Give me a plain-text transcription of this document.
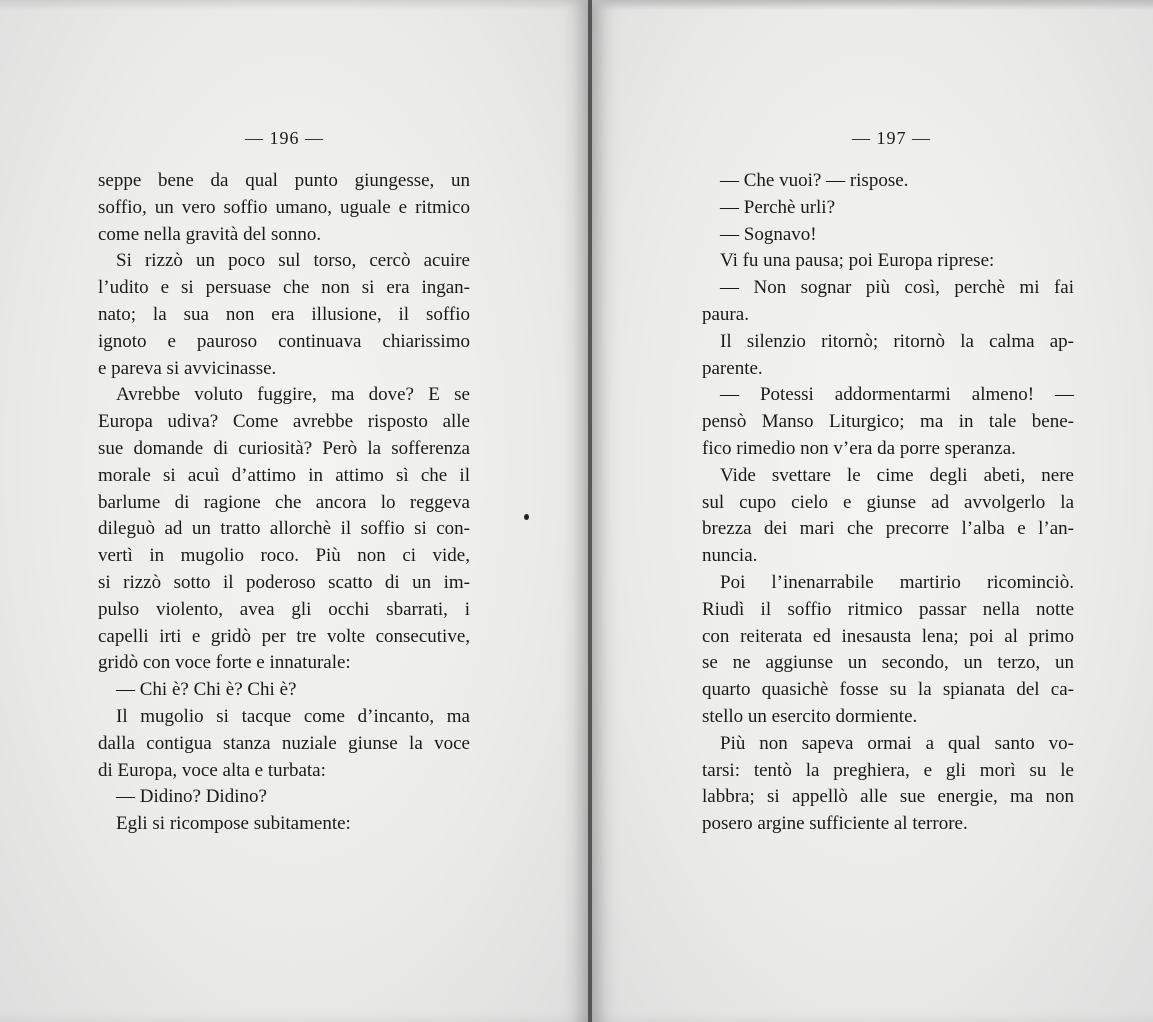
— 196 —
seppe bene da qual punto giungesse, un
soffio, un vero soffio umano, uguale e ritmico
come nella gravità del sonno.
Si rizzò un poco sul torso, cercò acuire
l’udito e si persuase che non si era ingan-
nato; la sua non era illusione, il soffio
ignoto e pauroso continuava chiarissimo
e pareva si avvicinasse.
Avrebbe voluto fuggire, ma dove? E se
Europa udiva? Come avrebbe risposto alle
sue domande di curiosità? Però la sofferenza
morale si acuì d’attimo in attimo sì che il
barlume di ragione che ancora lo reggeva
dileguò ad un tratto allorchè il soffio si con-
vertì in mugolio roco. Più non ci vide,
si rizzò sotto il poderoso scatto di un im-
pulso violento, avea gli occhi sbarrati, i
capelli irti e gridò per tre volte consecutive,
gridò con voce forte e innaturale:
— Chi è? Chi è? Chi è?
Il mugolio si tacque come d’incanto, ma
dalla contigua stanza nuziale giunse la voce
di Europa, voce alta e turbata:
— Didino? Didino?
Egli si ricompose subitamente:
— 197 —
— Che vuoi? — rispose.
— Perchè urli?
— Sognavo!
Vi fu una pausa; poi Europa riprese:
— Non sognar più così, perchè mi fai
paura.
Il silenzio ritornò; ritornò la calma ap-
parente.
— Potessi addormentarmi almeno! —
pensò Manso Liturgico; ma in tale bene-
fico rimedio non v’era da porre speranza.
Vide svettare le cime degli abeti, nere
sul cupo cielo e giunse ad avvolgerlo la
brezza dei mari che precorre l’alba e l’an-
nuncia.
Poi l’inenarrabile martirio ricominciò.
Riudì il soffio ritmico passar nella notte
con reiterata ed inesausta lena; poi al primo
se ne aggiunse un secondo, un terzo, un
quarto quasichè fosse su la spianata del ca-
stello un esercito dormiente.
Più non sapeva ormai a qual santo vo-
tarsi: tentò la preghiera, e gli morì su le
labbra; si appellò alle sue energie, ma non
posero argine sufficiente al terrore.
